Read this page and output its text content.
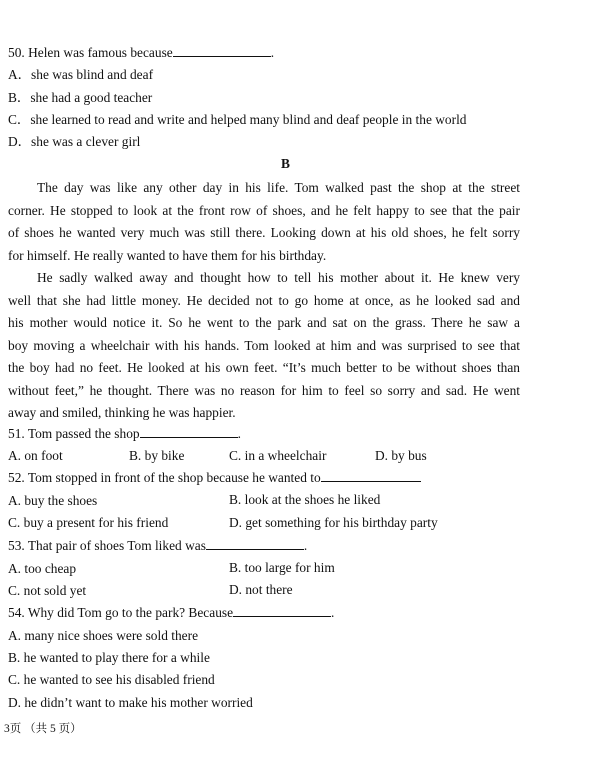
50. Helen was famous because	.
A．she was blind and deaf
B．she had a good teacher
C．she learned to read and write and helped many blind and deaf people in the world
D．she was a clever girl
B
The day was like any other day in his life. Tom walked past the shop at the street
corner. He stopped to look at the front row of shoes, and he felt happy to see that the pair
of shoes he wanted very much was still there. Looking down at his old shoes, he felt sorry
for himself. He really wanted to have them for his birthday.
He sadly walked away and thought how to tell his mother about it. He knew very
well that she had little money. He decided not to go home at once, as he looked sad and
his mother would notice it. So he went to the park and sat on the grass. There he saw a
boy moving a wheelchair with his hands. Tom looked at him and was surprised to see that
the boy had no feet. He looked at his own feet. “It’s much better to be without shoes than
without feet,” he thought. There was no reason for him to feel so sorry and sad. He went
away and smiled, thinking he was happier.
51. Tom passed the shop	.
A. on foot	B. by bike	C. in a wheelchair	D. by bus
52. Tom stopped in front of the shop because he wanted to
A. buy the shoes	B. look at the shoes he liked
C. buy a present for his friend	D. get something for his birthday party
53. That pair of shoes Tom liked was	.
A. too cheap	B. too large for him
C. not sold yet	D. not there
54. Why did Tom go to the park? Because	.
A. many nice shoes were sold there
B. he wanted to play there for a while
C. he wanted to see his disabled friend
D. he didn’t want to make his mother worried
3页 （共 5 页）
